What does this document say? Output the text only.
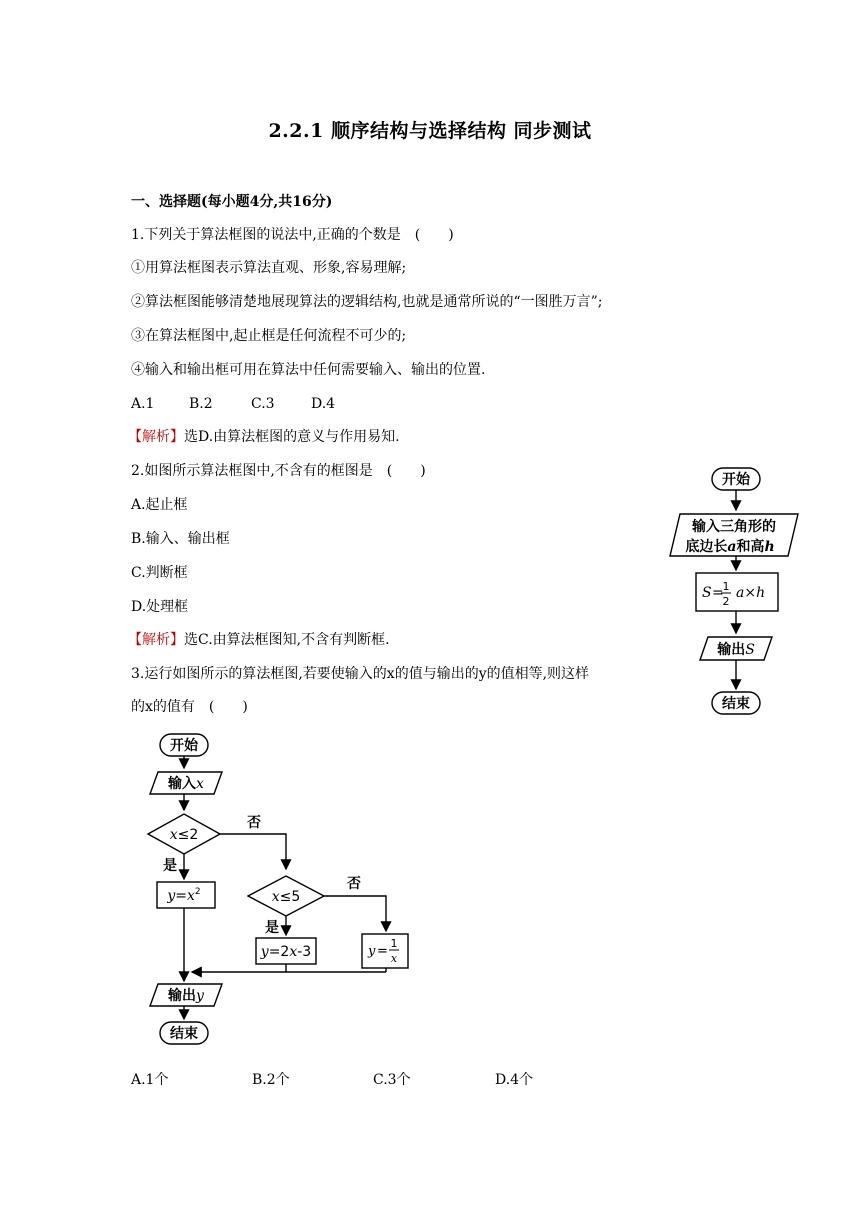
2.2.1 顺序结构与选择结构 同步测试
一、选择题(每小题4分,共16分)
1.下列关于算法框图的说法中,正确的个数是　(　　)
①用算法框图表示算法直观、形象,容易理解;
②算法框图能够清楚地展现算法的逻辑结构,也就是通常所说的“一图胜万言”;
③在算法框图中,起止框是任何流程不可少的;
④输入和输出框可用在算法中任何需要输入、输出的位置.
A.1 B.2	C.3	D.4
【解析】选D.由算法框图的意义与作用易知.
2.如图所示算法框图中,不含有的框图是　(　　)
A.起止框
B.输入、输出框
C.判断框
D.处理框
【解析】选C.由算法框图知,不含有判断框.
3.运行如图所示的算法框图,若要使输入的x的值与输出的y的值相等,则这样
的x的值有　(　　)
A.1个	B.2个	C.3个	D.4个
开始
输入三角形的
底边长a和高h
输出S
结束
S =
1
2
a×h
开始
输入x
否
是
否
是
输出y
结束
x≤2
x≤5
$y=x^2$
y=2x-3	y =
1
x
